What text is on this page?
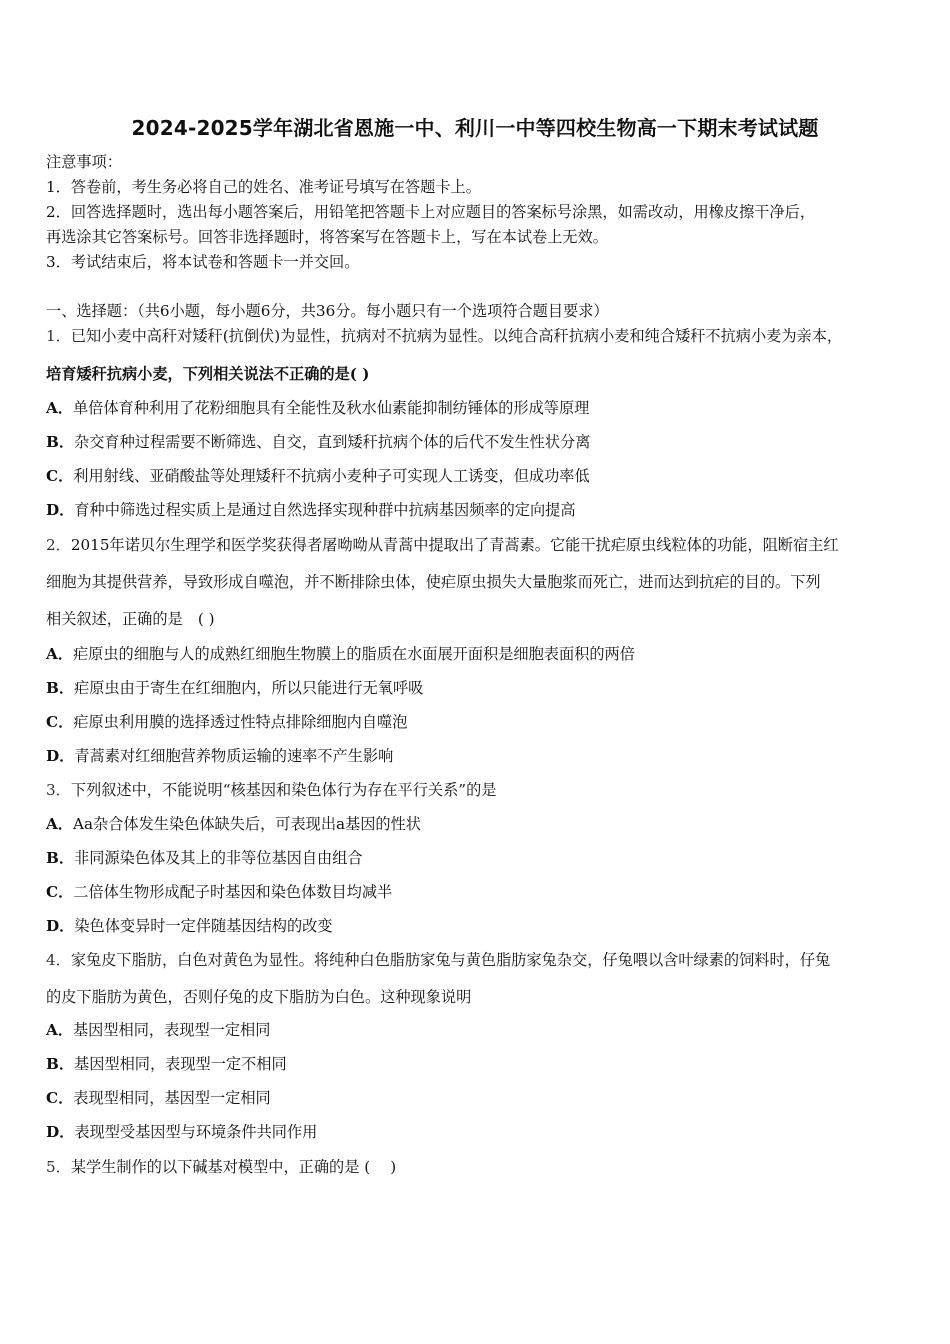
2024-2025学年湖北省恩施一中、利川一中等四校生物高一下期末考试试题
注意事项：
1．答卷前，考生务必将自己的姓名、准考证号填写在答题卡上。
2．回答选择题时，选出每小题答案后，用铅笔把答题卡上对应题目的答案标号涂黑，如需改动，用橡皮擦干净后，
再选涂其它答案标号。回答非选择题时，将答案写在答题卡上，写在本试卷上无效。
3．考试结束后，将本试卷和答题卡一并交回。
一、选择题：（共6小题，每小题6分，共36分。每小题只有一个选项符合题目要求）
1．已知小麦中高秆对矮秆(抗倒伏)为显性，抗病对不抗病为显性。以纯合高秆抗病小麦和纯合矮秆不抗病小麦为亲本，
培育矮秆抗病小麦，下列相关说法不正确的是( )
A．单倍体育种利用了花粉细胞具有全能性及秋水仙素能抑制纺锤体的形成等原理
B．杂交育种过程需要不断筛选、自交，直到矮秆抗病个体的后代不发生性状分离
C．利用射线、亚硝酸盐等处理矮秆不抗病小麦种子可实现人工诱变，但成功率低
D．育种中筛选过程实质上是通过自然选择实现种群中抗病基因频率的定向提高
2．2015年诺贝尔生理学和医学奖获得者屠呦呦从青蒿中提取出了青蒿素。它能干扰疟原虫线粒体的功能，阻断宿主红
细胞为其提供营养，导致形成自噬泡，并不断排除虫体，使疟原虫损失大量胞浆而死亡，进而达到抗疟的目的。下列
相关叙述，正确的是　( )
A．疟原虫的细胞与人的成熟红细胞生物膜上的脂质在水面展开面积是细胞表面积的两倍
B．疟原虫由于寄生在红细胞内，所以只能进行无氧呼吸
C．疟原虫利用膜的选择透过性特点排除细胞内自噬泡
D．青蒿素对红细胞营养物质运输的速率不产生影响
3．下列叙述中，不能说明“核基因和染色体行为存在平行关系”的是
A．Aa杂合体发生染色体缺失后，可表现出a基因的性状
B．非同源染色体及其上的非等位基因自由组合
C．二倍体生物形成配子时基因和染色体数目均减半
D．染色体变异时一定伴随基因结构的改变
4．家兔皮下脂肪，白色对黄色为显性。将纯种白色脂肪家兔与黄色脂肪家兔杂交，仔兔喂以含叶绿素的饲料时，仔兔
的皮下脂肪为黄色，否则仔兔的皮下脂肪为白色。这种现象说明
A．基因型相同，表现型一定相同
B．基因型相同，表现型一定不相同
C．表现型相同，基因型一定相同
D．表现型受基因型与环境条件共同作用
5．某学生制作的以下碱基对模型中，正确的是 (　 )
